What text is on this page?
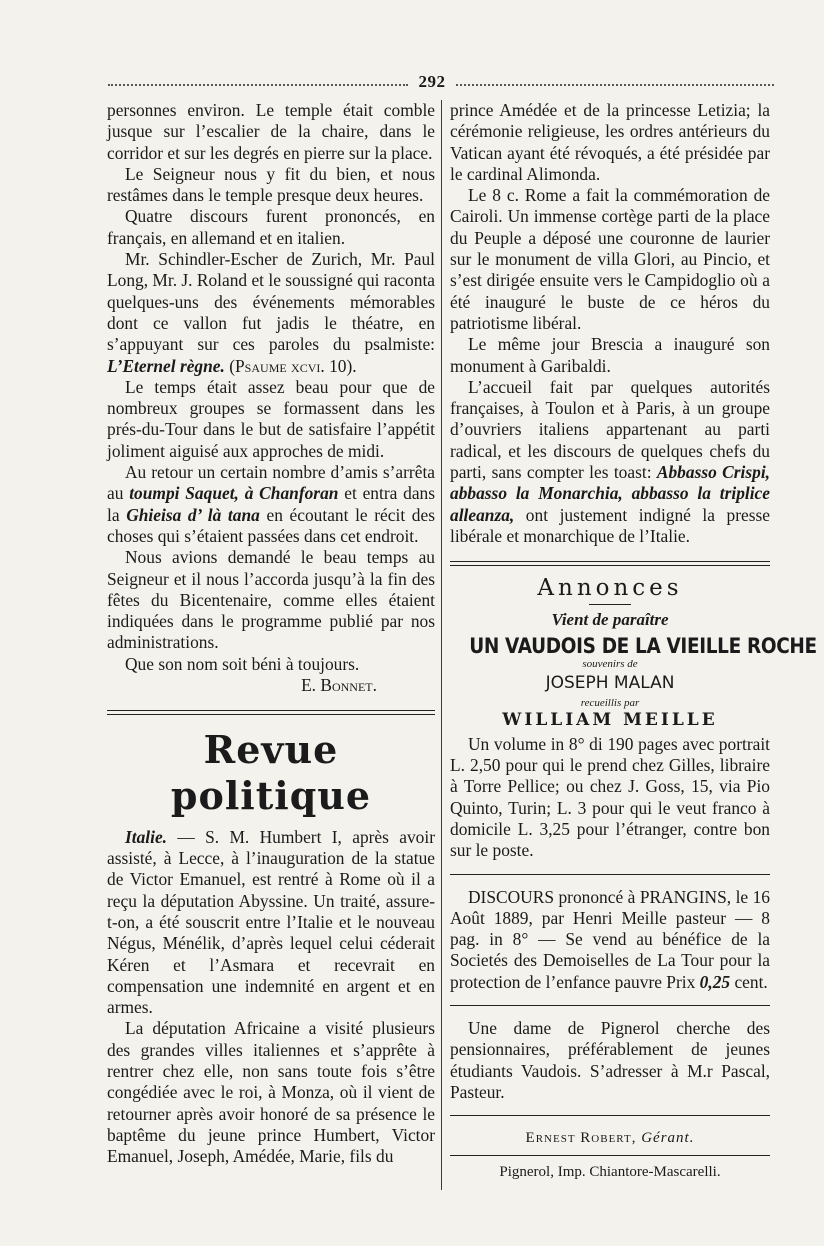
292

personnes environ. Le temple était comble jusque sur l’escalier de la chaire, dans le corridor et sur les degrés en pierre sur la place.

Le Seigneur nous y fit du bien, et nous restâmes dans le temple presque deux heures.

Quatre discours furent prononcés, en français, en allemand et en italien.

Mr. Schindler-Escher de Zurich, Mr. Paul Long, Mr. J. Roland et le soussigné qui raconta quelques-uns des événements mémorables dont ce vallon fut jadis le théatre, en s’appuyant sur ces paroles du psalmiste: L’Eternel règne. (Psaume xcvi. 10).

Le temps était assez beau pour que de nombreux groupes se formassent dans les prés-du-Tour dans le but de satisfaire l’appétit joliment aiguisé aux approches de midi.

Au retour un certain nombre d’amis s’arrêta au toumpi Saquet, à Chanforan et entra dans la Ghieisa d’ là tana en écoutant le récit des choses qui s’étaient passées dans cet endroit.

Nous avions demandé le beau temps au Seigneur et il nous l’accorda jusqu’à la fin des fêtes du Bicentenaire, comme elles étaient indiquées dans le programme publié par nos administrations.

Que son nom soit béni à toujours.
E. Bonnet.
Revue politique

Italie. — S. M. Humbert I, après avoir assisté, à Lecce, à l’inauguration de la statue de Victor Emanuel, est rentré à Rome où il a reçu la députation Abyssine. Un traité, assure-t-on, a été souscrit entre l’Italie et le nouveau Négus, Ménélik, d’après lequel celui céderait Kéren et l’Asmara et recevrait en compensation une indemnité en argent et en armes.

La députation Africaine a visité plusieurs des grandes villes italiennes et s’apprête à rentrer chez elle, non sans toute fois s’être congédiée avec le roi, à Monza, où il vient de retourner après avoir honoré de sa présence le baptême du jeune prince Humbert, Victor Emanuel, Joseph, Amédée, Marie, fils du

prince Amédée et de la princesse Letizia; la cérémonie religieuse, les ordres antérieurs du Vatican ayant été révoqués, a été présidée par le cardinal Alimonda.

Le 8 c. Rome a fait la commémoration de Cairoli. Un immense cortège parti de la place du Peuple a déposé une couronne de laurier sur le monument de villa Glori, au Pincio, et s’est dirigée ensuite vers le Campidoglio où a été inauguré le buste de ce héros du patriotisme libéral.

Le même jour Brescia a inauguré son monument à Garibaldi.

L’accueil fait par quelques autorités françaises, à Toulon et à Paris, à un groupe d’ouvriers italiens appartenant au parti radical, et les discours de quelques chefs du parti, sans compter les toast: Abbasso Crispi, abbasso la Monarchia, abbasso la triplice alleanza, ont justement indigné la presse libérale et monarchique de l’Italie.

Annonces

Vient de paraître

UN VAUDOIS DE LA VIEILLE ROCHE

souvenirs de

JOSEPH MALAN

recueillis par

WILLIAM MEILLE

Un volume in 8° di 190 pages avec portrait L. 2,50 pour qui le prend chez Gilles, libraire à Torre Pellice; ou chez J. Goss, 15, via Pio Quinto, Turin; L. 3 pour qui le veut franco à domicile L. 3,25 pour l’étranger, contre bon sur le poste.

DISCOURS prononcé à PRANGINS, le 16 Août 1889, par Henri Meille pasteur — 8 pag. in 8° — Se vend au bénéfice de la Societés des Demoiselles de La Tour pour la protection de l’enfance pauvre Prix 0,25 cent.

Une dame de Pignerol cherche des pensionnaires, préférablement de jeunes étudiants Vaudois. S’adresser à M.r Pascal, Pasteur.

Ernest Robert, Gérant.

Pignerol, Imp. Chiantore-Mascarelli.
